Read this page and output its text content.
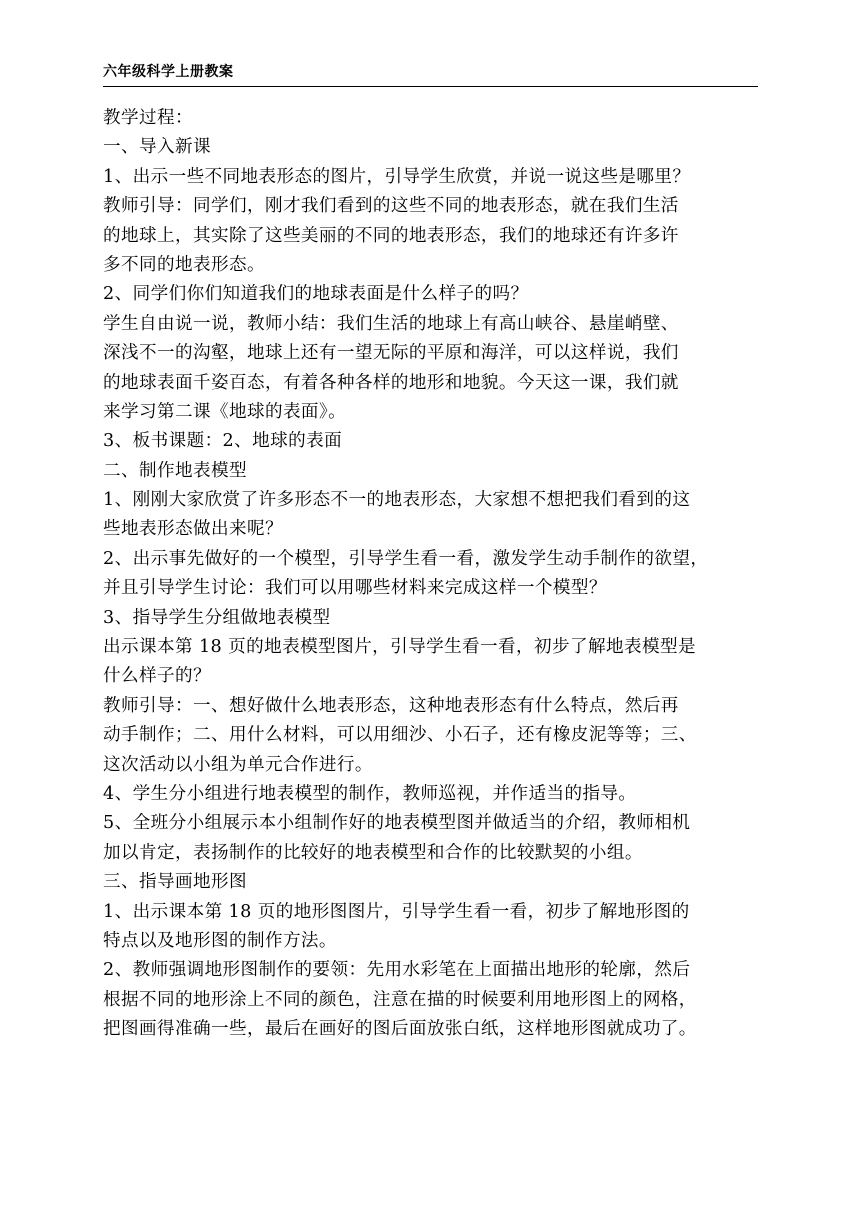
六年级科学上册教案
教学过程：
一、导入新课
1、出示一些不同地表形态的图片，引导学生欣赏，并说一说这些是哪里？
教师引导：同学们，刚才我们看到的这些不同的地表形态，就在我们生活
的地球上，其实除了这些美丽的不同的地表形态，我们的地球还有许多许
多不同的地表形态。
2、同学们你们知道我们的地球表面是什么样子的吗？
学生自由说一说，教师小结：我们生活的地球上有高山峡谷、悬崖峭壁、
深浅不一的沟壑，地球上还有一望无际的平原和海洋，可以这样说，我们
的地球表面千姿百态，有着各种各样的地形和地貌。今天这一课，我们就
来学习第二课《地球的表面》。
3、板书课题：2、地球的表面
二、制作地表模型
1、刚刚大家欣赏了许多形态不一的地表形态，大家想不想把我们看到的这
些地表形态做出来呢？
2、出示事先做好的一个模型，引导学生看一看，激发学生动手制作的欲望，
并且引导学生讨论：我们可以用哪些材料来完成这样一个模型？
3、指导学生分组做地表模型
出示课本第 18 页的地表模型图片，引导学生看一看，初步了解地表模型是
什么样子的？
教师引导：一、想好做什么地表形态，这种地表形态有什么特点，然后再
动手制作；二、用什么材料，可以用细沙、小石子，还有橡皮泥等等；三、
这次活动以小组为单元合作进行。
4、学生分小组进行地表模型的制作，教师巡视，并作适当的指导。
5、全班分小组展示本小组制作好的地表模型图并做适当的介绍，教师相机
加以肯定，表扬制作的比较好的地表模型和合作的比较默契的小组。
三、指导画地形图
1、出示课本第 18 页的地形图图片，引导学生看一看，初步了解地形图的
特点以及地形图的制作方法。
2、教师强调地形图制作的要领：先用水彩笔在上面描出地形的轮廓，然后
根据不同的地形涂上不同的颜色，注意在描的时候要利用地形图上的网格，
把图画得准确一些，最后在画好的图后面放张白纸，这样地形图就成功了。
